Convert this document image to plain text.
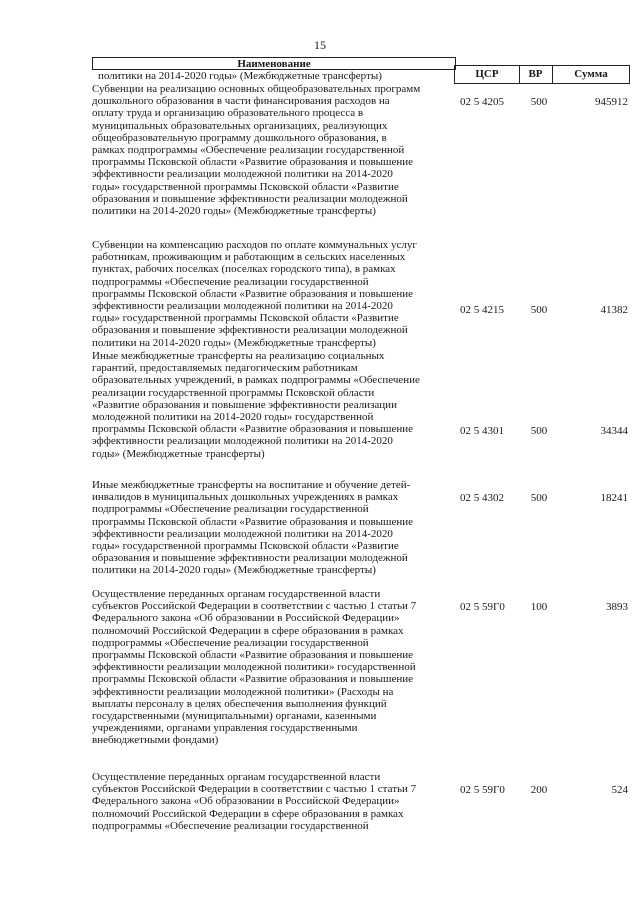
15
Наименование
ЦСР	ВР	Сумма
политики на 2014-2020 годы» (Межбюджетные трансферты)
Субвенции на реализацию основных общеобразовательных программ
дошкольного образования в части финансирования расходов на
оплату труда и организацию образовательного процесса в
муниципальных образовательных организациях, реализующих
общеобразовательную программу дошкольного образования, в
рамках подпрограммы «Обеспечение реализации государственной
программы Псковской области «Развитие образования и повышение
эффективности реализации молодежной политики на 2014-2020
годы» государственной программы Псковской области «Развитие
образования и повышение эффективности реализации молодежной
политики на 2014-2020 годы» (Межбюджетные трансферты)
02 5 4205	500	945912
Субвенции на компенсацию расходов по оплате коммунальных услуг
работникам, проживающим и работающим в сельских населенных
пунктах, рабочих поселках (поселках городского типа), в рамках
подпрограммы «Обеспечение реализации государственной
программы Псковской области «Развитие образования и повышение
эффективности реализации молодежной политики на 2014-2020
годы» государственной программы Псковской области «Развитие
образования и повышение эффективности реализации молодежной
политики на 2014-2020 годы» (Межбюджетные трансферты)
02 5 4215	500	41382
Иные межбюджетные трансферты на реализацию социальных
гарантий, предоставляемых педагогическим работникам
образовательных учреждений, в рамках подпрограммы «Обеспечение
реализации государственной программы Псковской области
«Развитие образования и повышение эффективности реализации
молодежной политики на 2014-2020 годы» государственной
программы Псковской области «Развитие образования и повышение
эффективности реализации молодежной политики на 2014-2020
годы» (Межбюджетные трансферты)
02 5 4301	500	34344
Иные межбюджетные трансферты на воспитание и обучение детей-
инвалидов в муниципальных дошкольных учреждениях в рамках
подпрограммы «Обеспечение реализации государственной
программы Псковской области «Развитие образования и повышение
эффективности реализации молодежной политики на 2014-2020
годы» государственной программы Псковской области «Развитие
образования и повышение эффективности реализации молодежной
политики на 2014-2020 годы» (Межбюджетные трансферты)
02 5 4302	500	18241
Осуществление переданных органам государственной власти
субъектов Российской Федерации в соответствии с частью 1 статьи 7
Федерального закона «Об образовании в Российской Федерации»
полномочий Российской Федерации в сфере образования в рамках
подпрограммы «Обеспечение реализации государственной
программы Псковской области «Развитие образования и повышение
эффективности реализации молодежной политики» государственной
программы Псковской области «Развитие образования и повышение
эффективности реализации молодежной политики» (Расходы на
выплаты персоналу в целях обеспечения выполнения функций
государственными (муниципальными) органами, казенными
учреждениями, органами управления государственными
внебюджетными фондами)
02 5 59Г0	100	3893
Осуществление переданных органам государственной власти
субъектов Российской Федерации в соответствии с частью 1 статьи 7
Федерального закона «Об образовании в Российской Федерации»
полномочий Российской Федерации в сфере образования в рамках
подпрограммы «Обеспечение реализации государственной
02 5 59Г0	200	524
